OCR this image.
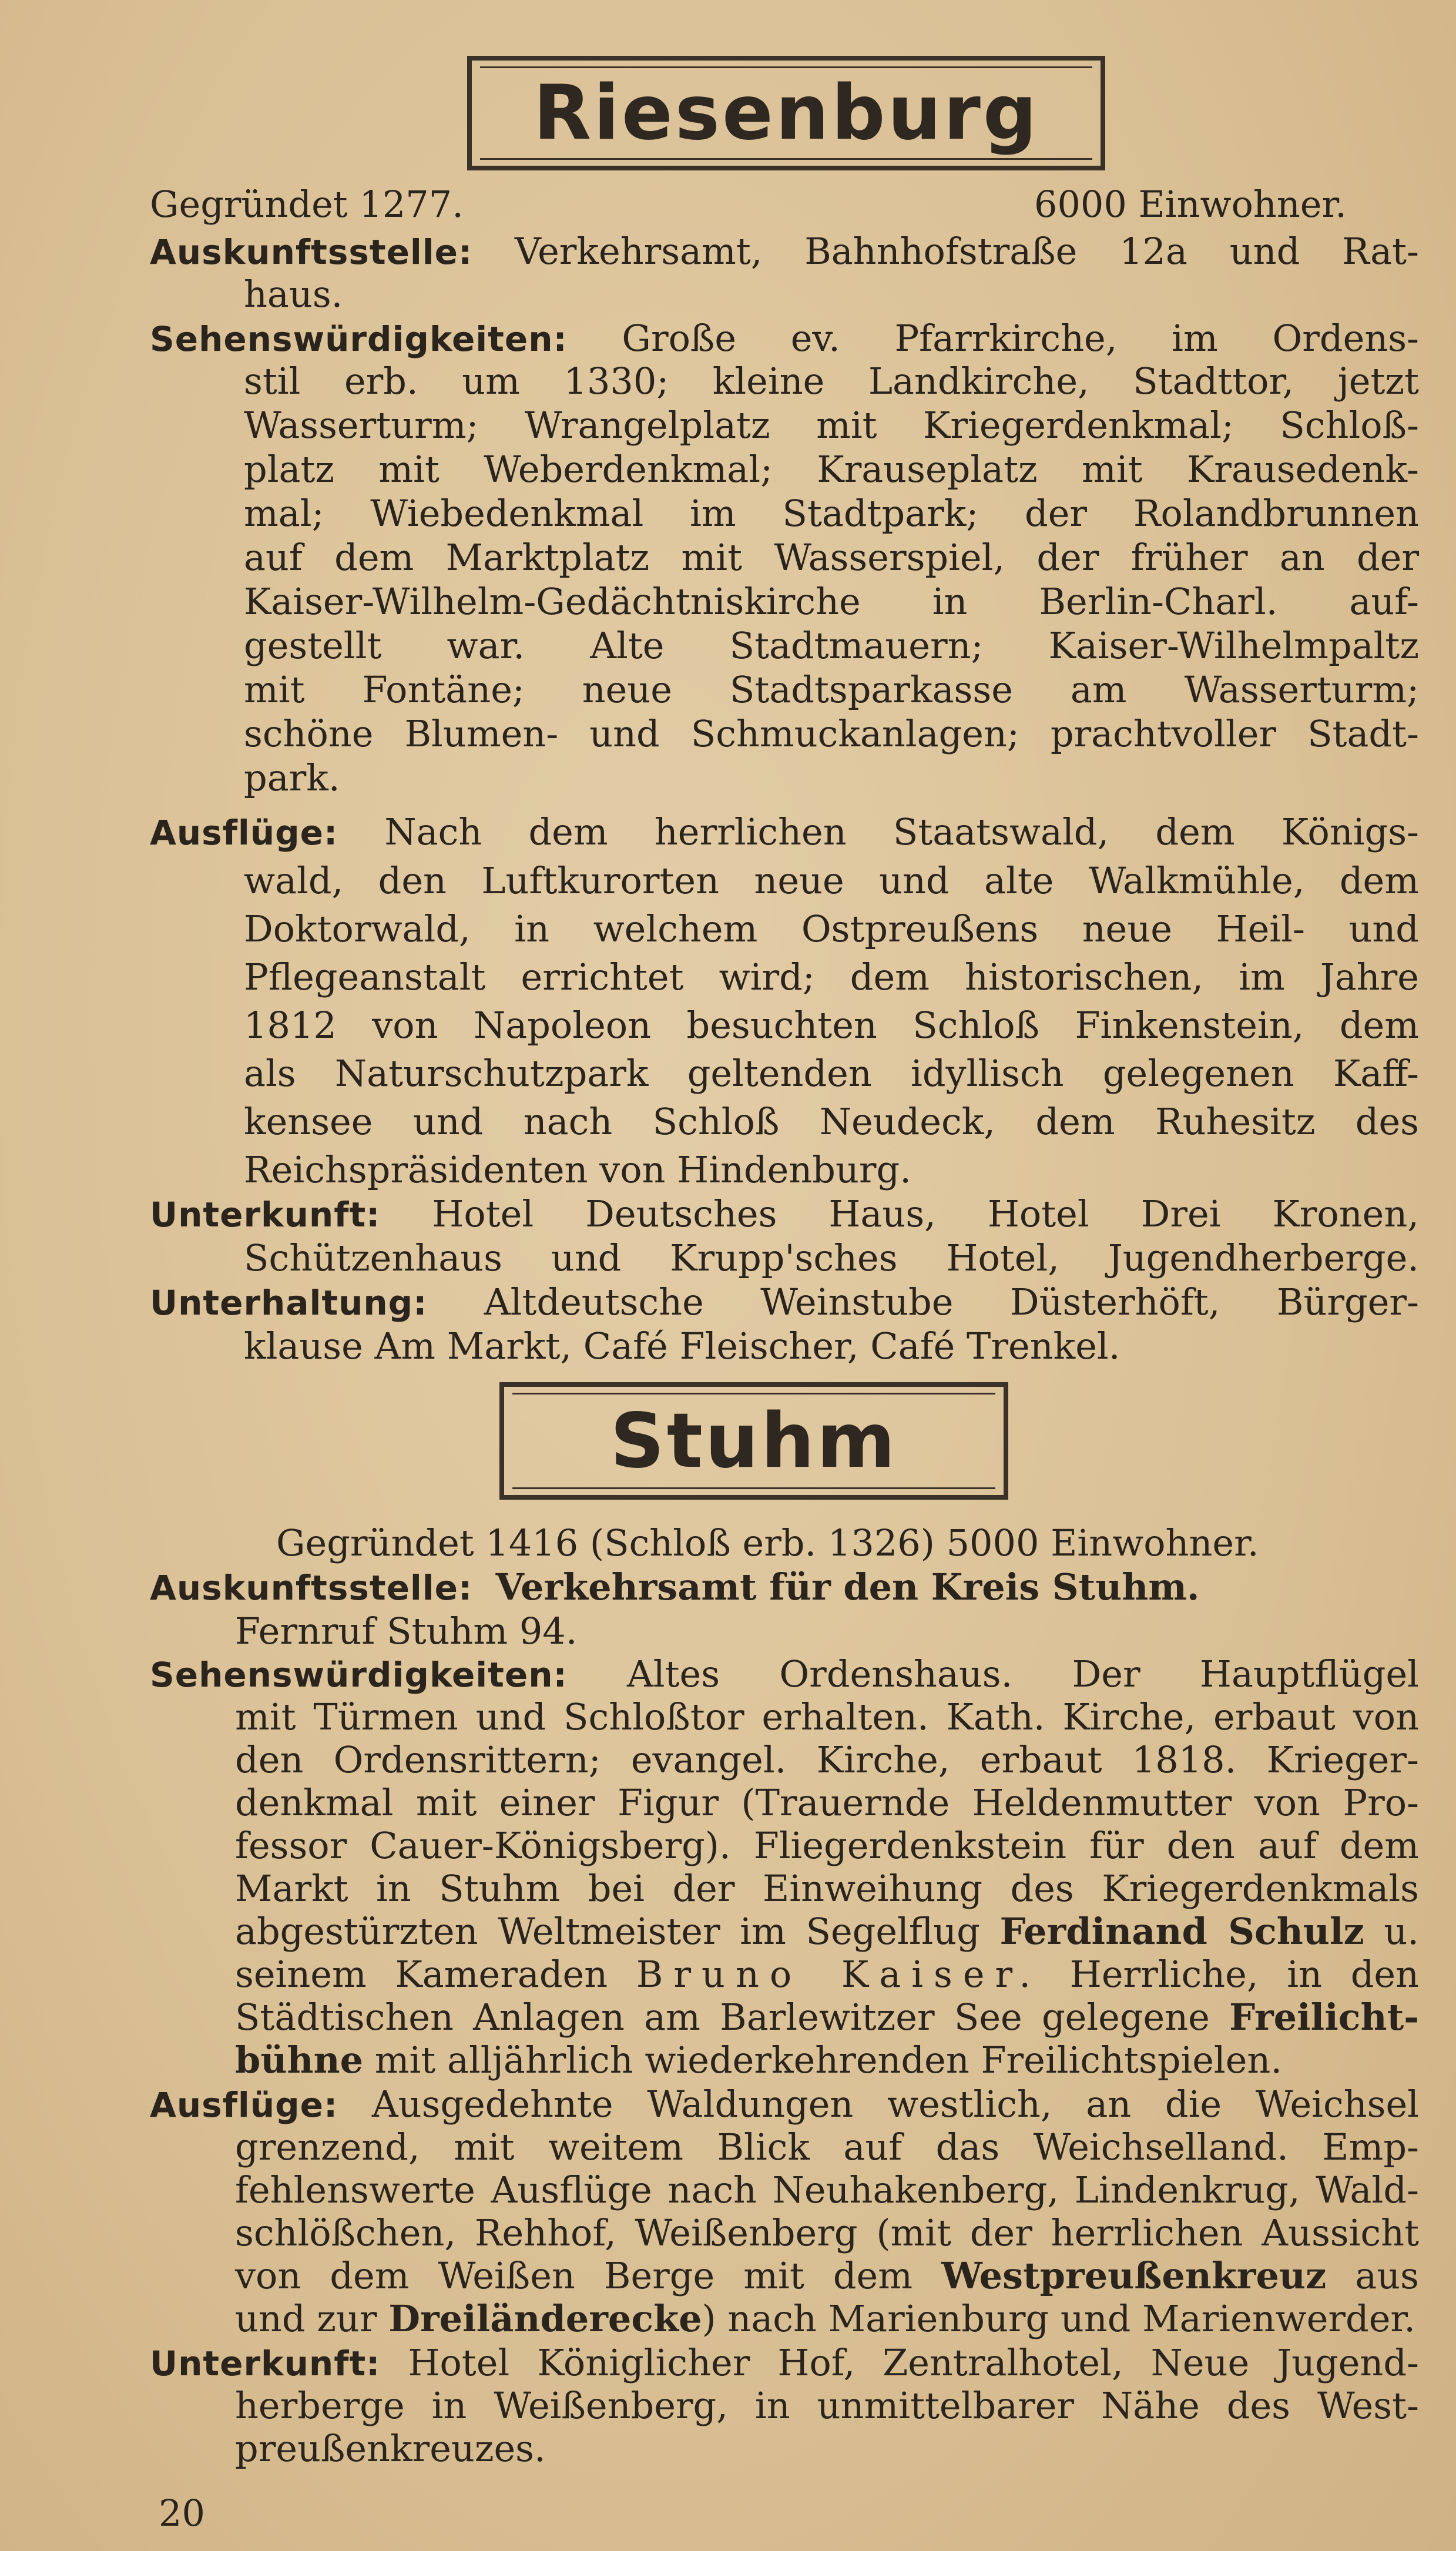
Riesenburg
Gegründet 1277.	6000 Einwohner.
Auskunftsstelle: Verkehrsamt, Bahnhofstraße 12a und Rat-
haus.
Sehenswürdigkeiten: Große ev. Pfarrkirche, im Ordens-
stil erb. um 1330; kleine Landkirche, Stadttor, jetzt
Wasserturm; Wrangelplatz mit Kriegerdenkmal; Schloß-
platz mit Weberdenkmal; Krauseplatz mit Krausedenk-
mal; Wiebedenkmal im Stadtpark; der Rolandbrunnen
auf dem Marktplatz mit Wasserspiel, der früher an der
Kaiser-Wilhelm-Gedächtniskirche in Berlin-Charl. auf-
gestellt war. Alte Stadtmauern; Kaiser-Wilhelmpaltz
mit Fontäne; neue Stadtsparkasse am Wasserturm;
schöne Blumen- und Schmuckanlagen; prachtvoller Stadt-
park.
Ausflüge: Nach dem herrlichen Staatswald, dem Königs-
wald, den Luftkurorten neue und alte Walkmühle, dem
Doktorwald, in welchem Ostpreußens neue Heil- und
Pflegeanstalt errichtet wird; dem historischen, im Jahre
1812 von Napoleon besuchten Schloß Finkenstein, dem
als Naturschutzpark geltenden idyllisch gelegenen Kaff-
kensee und nach Schloß Neudeck, dem Ruhesitz des
Reichspräsidenten von Hindenburg.
Unterkunft: Hotel Deutsches Haus, Hotel Drei Kronen,
Schützenhaus und Krupp'sches Hotel, Jugendherberge.
Unterhaltung: Altdeutsche Weinstube Düsterhöft, Bürger-
klause Am Markt, Café Fleischer, Café Trenkel.
Stuhm
Gegründet 1416 (Schloß erb. 1326) 5000 Einwohner.
Auskunftsstelle: Verkehrsamt für den Kreis Stuhm.
Fernruf Stuhm 94.
Sehenswürdigkeiten: Altes Ordenshaus. Der Hauptflügel
mit Türmen und Schloßtor erhalten. Kath. Kirche, erbaut von
den Ordensrittern; evangel. Kirche, erbaut 1818. Krieger-
denkmal mit einer Figur (Trauernde Heldenmutter von Pro-
fessor Cauer-Königsberg). Fliegerdenkstein für den auf dem
Markt in Stuhm bei der Einweihung des Kriegerdenkmals
abgestürzten Weltmeister im Segelflug Ferdinand Schulz u.
seinem Kameraden Bruno Kaiser. Herrliche, in den
Städtischen Anlagen am Barlewitzer See gelegene Freilicht-
bühne mit alljährlich wiederkehrenden Freilichtspielen.
Ausflüge: Ausgedehnte Waldungen westlich, an die Weichsel
grenzend, mit weitem Blick auf das Weichselland. Emp-
fehlenswerte Ausflüge nach Neuhakenberg, Lindenkrug, Wald-
schlößchen, Rehhof, Weißenberg (mit der herrlichen Aussicht
von dem Weißen Berge mit dem Westpreußenkreuz aus
und zur Dreiländerecke) nach Marienburg und Marienwerder.
Unterkunft: Hotel Königlicher Hof, Zentralhotel, Neue Jugend-
herberge in Weißenberg, in unmittelbarer Nähe des West-
preußenkreuzes.
20
